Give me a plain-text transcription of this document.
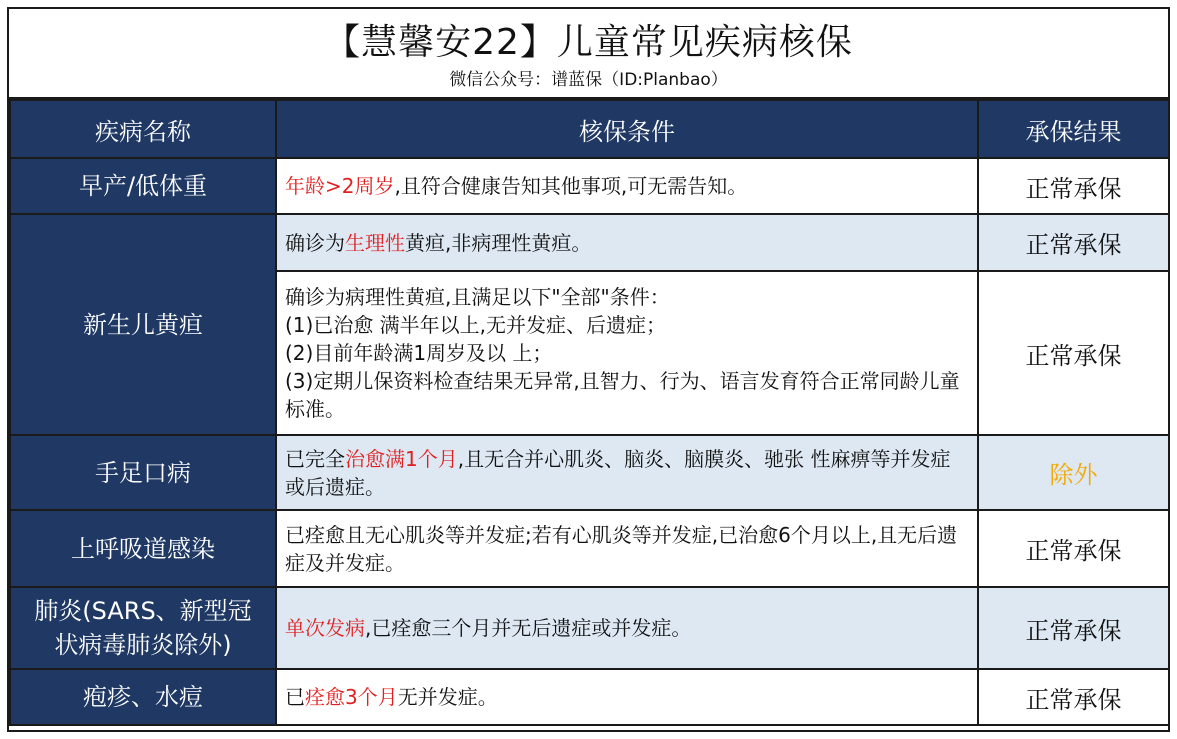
【慧馨安22】儿童常见疾病核保
微信公众号：谱蓝保（ID:Planbao）
疾病名称	核保条件	承保结果
早产/低体重	年龄>2周岁,且符合健康告知其他事项,可无需告知。	正常承保
新生儿黄疸	确诊为生理性黄疸,非病理性黄疸。	正常承保

	确诊为病理性黄疸,且满足以下"全部"条件：
(1)已治愈 满半年以上,无并发症、后遗症；
(2)目前年龄满1周岁及以 上；
(3)定期儿保资料检查结果无异常,且智力、行为、语言发育符合正常同龄儿童标准。	正常承保
手足口病	已完全治愈满1个月,且无合并心肌炎、脑炎、脑膜炎、驰张 性麻痹等并发症或后遗症。	除外
上呼吸道感染	已痊愈且无心肌炎等并发症;若有心肌炎等并发症,已治愈6个月以上,且无后遗症及并发症。	正常承保

肺炎(SARS、新型冠
状病毒肺炎除外)	单次发病,已痊愈三个月并无后遗症或并发症。	正常承保
疱疹、水痘	已痊愈3个月无并发症。	正常承保
